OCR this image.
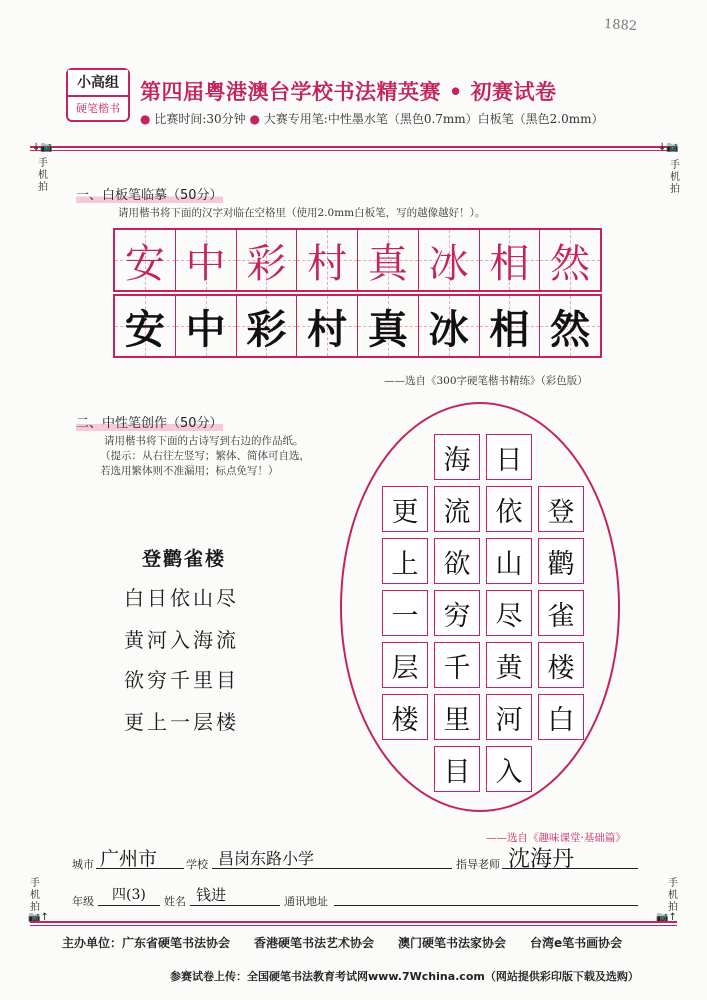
1882
小高组
硬笔楷书
第四届粤港澳台学校书法精英赛 • 初赛试卷
● 比赛时间:30分钟 ● 大赛专用笔:中性墨水笔（黑色0.7mm）白板笔（黑色2.0mm）
↓📷
手机拍
↓📷
手机拍
一、白板笔临摹（50分）
请用楷书将下面的汉字对临在空格里（使用2.0mm白板笔，写的越像越好！）。
安 中 彩 村 真 冰 相 然
安 中 彩 村 真 冰 相 然
——选自《300字硬笔楷书精练》（彩色版）
二、中性笔创作（50分）
请用楷书将下面的古诗写到右边的作品纸。
（提示：从右往左竖写；繁体、简体可自选，
若选用繁体则不准漏用；标点免写！）
登鹳雀楼
白日依山尽
黄河入海流
欲穷千里目
更上一层楼
登
鹳
雀
楼
白
日
依
山
尽
黄
河
入
海
流
欲
穷
千
里
目
更
上
一
层
楼
——选自《趣味课堂·基础篇》
城市 广州市	学校 昌岗东路小学	指导老师 沈海丹
年级 四(3) 姓名 钱进	通讯地址
手机拍
📷↑
手机拍
📷↑
主办单位：广东省硬笔书法协会　　香港硬笔书法艺术协会　　澳门硬笔书法家协会　　台湾e笔书画协会
参赛试卷上传：全国硬笔书法教育考试网www.7Wchina.com（网站提供彩印版下载及选购）
